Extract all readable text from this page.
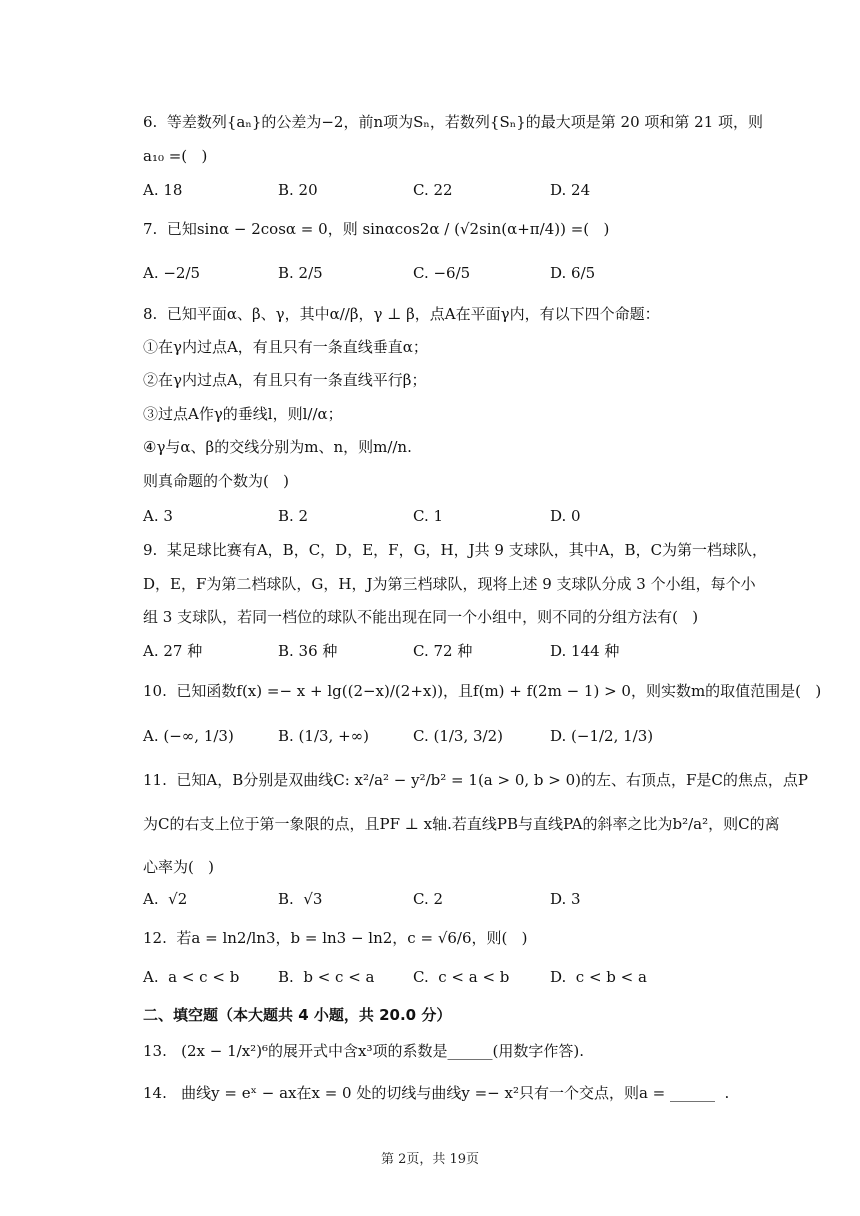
6.  等差数列{aₙ}的公差为−2，前n项为Sₙ，若数列{Sₙ}的最大项是第 20 项和第 21 项，则
a₁₀ =(   )
A. 18	B. 20	C. 22	D. 24
7.  已知sinα − 2cosα = 0，则 sinαcos2α / (√2sin(α+π/4)) =(   )
A. −2/5	B. 2/5	C. −6/5	D. 6/5
8.  已知平面α、β、γ，其中α//β，γ ⊥ β，点A在平面γ内，有以下四个命题：
①在γ内过点A，有且只有一条直线垂直α；
②在γ内过点A，有且只有一条直线平行β；
③过点A作γ的垂线l，则l//α；
④γ与α、β的交线分别为m、n，则m//n.
则真命题的个数为(   )
A. 3	B. 2	C. 1	D. 0
9.  某足球比赛有A，B，C，D，E，F，G，H，J共 9 支球队，其中A，B，C为第一档球队，
D，E，F为第二档球队，G，H，J为第三档球队，现将上述 9 支球队分成 3 个小组，每个小
组 3 支球队，若同一档位的球队不能出现在同一个小组中，则不同的分组方法有(   )
A. 27 种	B. 36 种	C. 72 种	D. 144 种
10.  已知函数f(x) =− x + lg((2−x)/(2+x))，且f(m) + f(2m − 1) > 0，则实数m的取值范围是(   )
A. (−∞, 1/3)	B. (1/3, +∞)	C. (1/3, 3/2)	D. (−1/2, 1/3)
11.  已知A，B分别是双曲线C: x²/a² − y²/b² = 1(a > 0, b > 0)的左、右顶点，F是C的焦点，点P
为C的右支上位于第一象限的点，且PF ⊥ x轴.若直线PB与直线PA的斜率之比为b²/a²，则C的离
心率为(   )
A.  √2	B.  √3	C. 2	D. 3
12.  若a = ln2/ln3，b = ln3 − ln2，c = √6/6，则(   )
A.  a < c < b	B.  b < c < a	C.  c < a < b	D.  c < b < a
二、填空题（本大题共 4 小题，共 20.0 分）
13.   (2x − 1/x²)⁶的展开式中含x³项的系数是______(用数字作答).
14.   曲线y = eˣ − ax在x = 0 处的切线与曲线y =− x²只有一个交点，则a = ______  .
第 2页，共 19页
